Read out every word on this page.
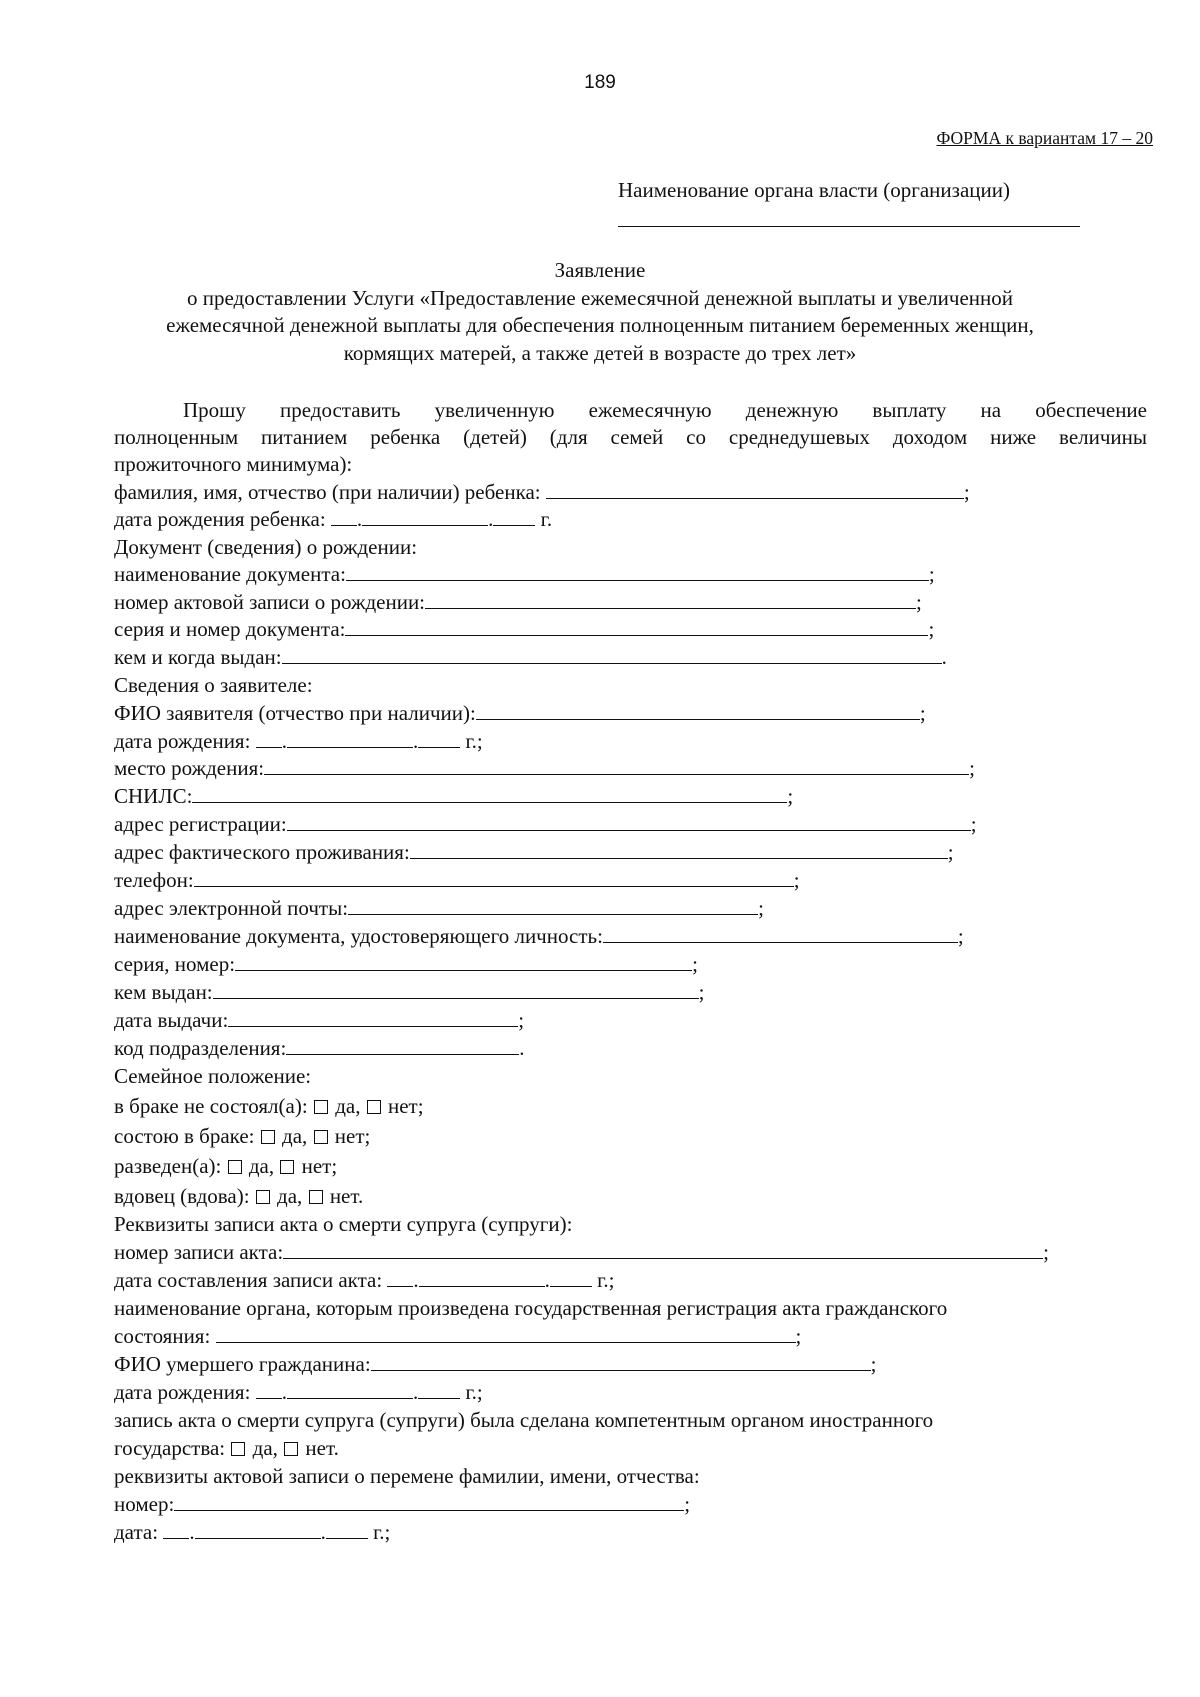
189
ФОРМА к вариантам 17 – 20
Наименование органа власти (организации)
Заявление
о предоставлении Услуги «Предоставление ежемесячной денежной выплаты и увеличенной
ежемесячной денежной выплаты для обеспечения полноценным питанием беременных женщин,
кормящих матерей, а также детей в возрасте до трех лет»
Прошу предоставить увеличенную ежемесячную денежную выплату на обеспечение
полноценным питанием ребенка (детей) (для семей со среднедушевых доходом ниже величины
прожиточного минимума):
фамилия, имя, отчество (при наличии) ребенка:	;
дата рождения ребенка: .	. г.
Документ (сведения) о рождении:
наименование документа:	;
номер актовой записи о рождении:	;
серия и номер документа:	;
кем и когда выдан:	.
Сведения о заявителе:
ФИО заявителя (отчество при наличии):	;
дата рождения: .	. г.;
место рождения:	;
СНИЛС:	;
адрес регистрации:	;
адрес фактического проживания:	;
телефон:	;
адрес электронной почты:	;
наименование документа, удостоверяющего личность:	;
серия, номер:	;
кем выдан:	;
дата выдачи:	;
код подразделения:	.
Семейное положение:
в браке не состоял(а): да, нет;
состою в браке: да, нет;
разведен(а): да, нет;
вдовец (вдова): да, нет.
Реквизиты записи акта о смерти супруга (супруги):
номер записи акта:	;
дата составления записи акта: .	. г.;
наименование органа, которым произведена государственная регистрация акта гражданского
состояния:	;
ФИО умершего гражданина:	;
дата рождения: .	. г.;
запись акта о смерти супруга (супруги) была сделана компетентным органом иностранного
государства: да, нет.
реквизиты актовой записи о перемене фамилии, имени, отчества:
номер:	;
дата: .	. г.;
